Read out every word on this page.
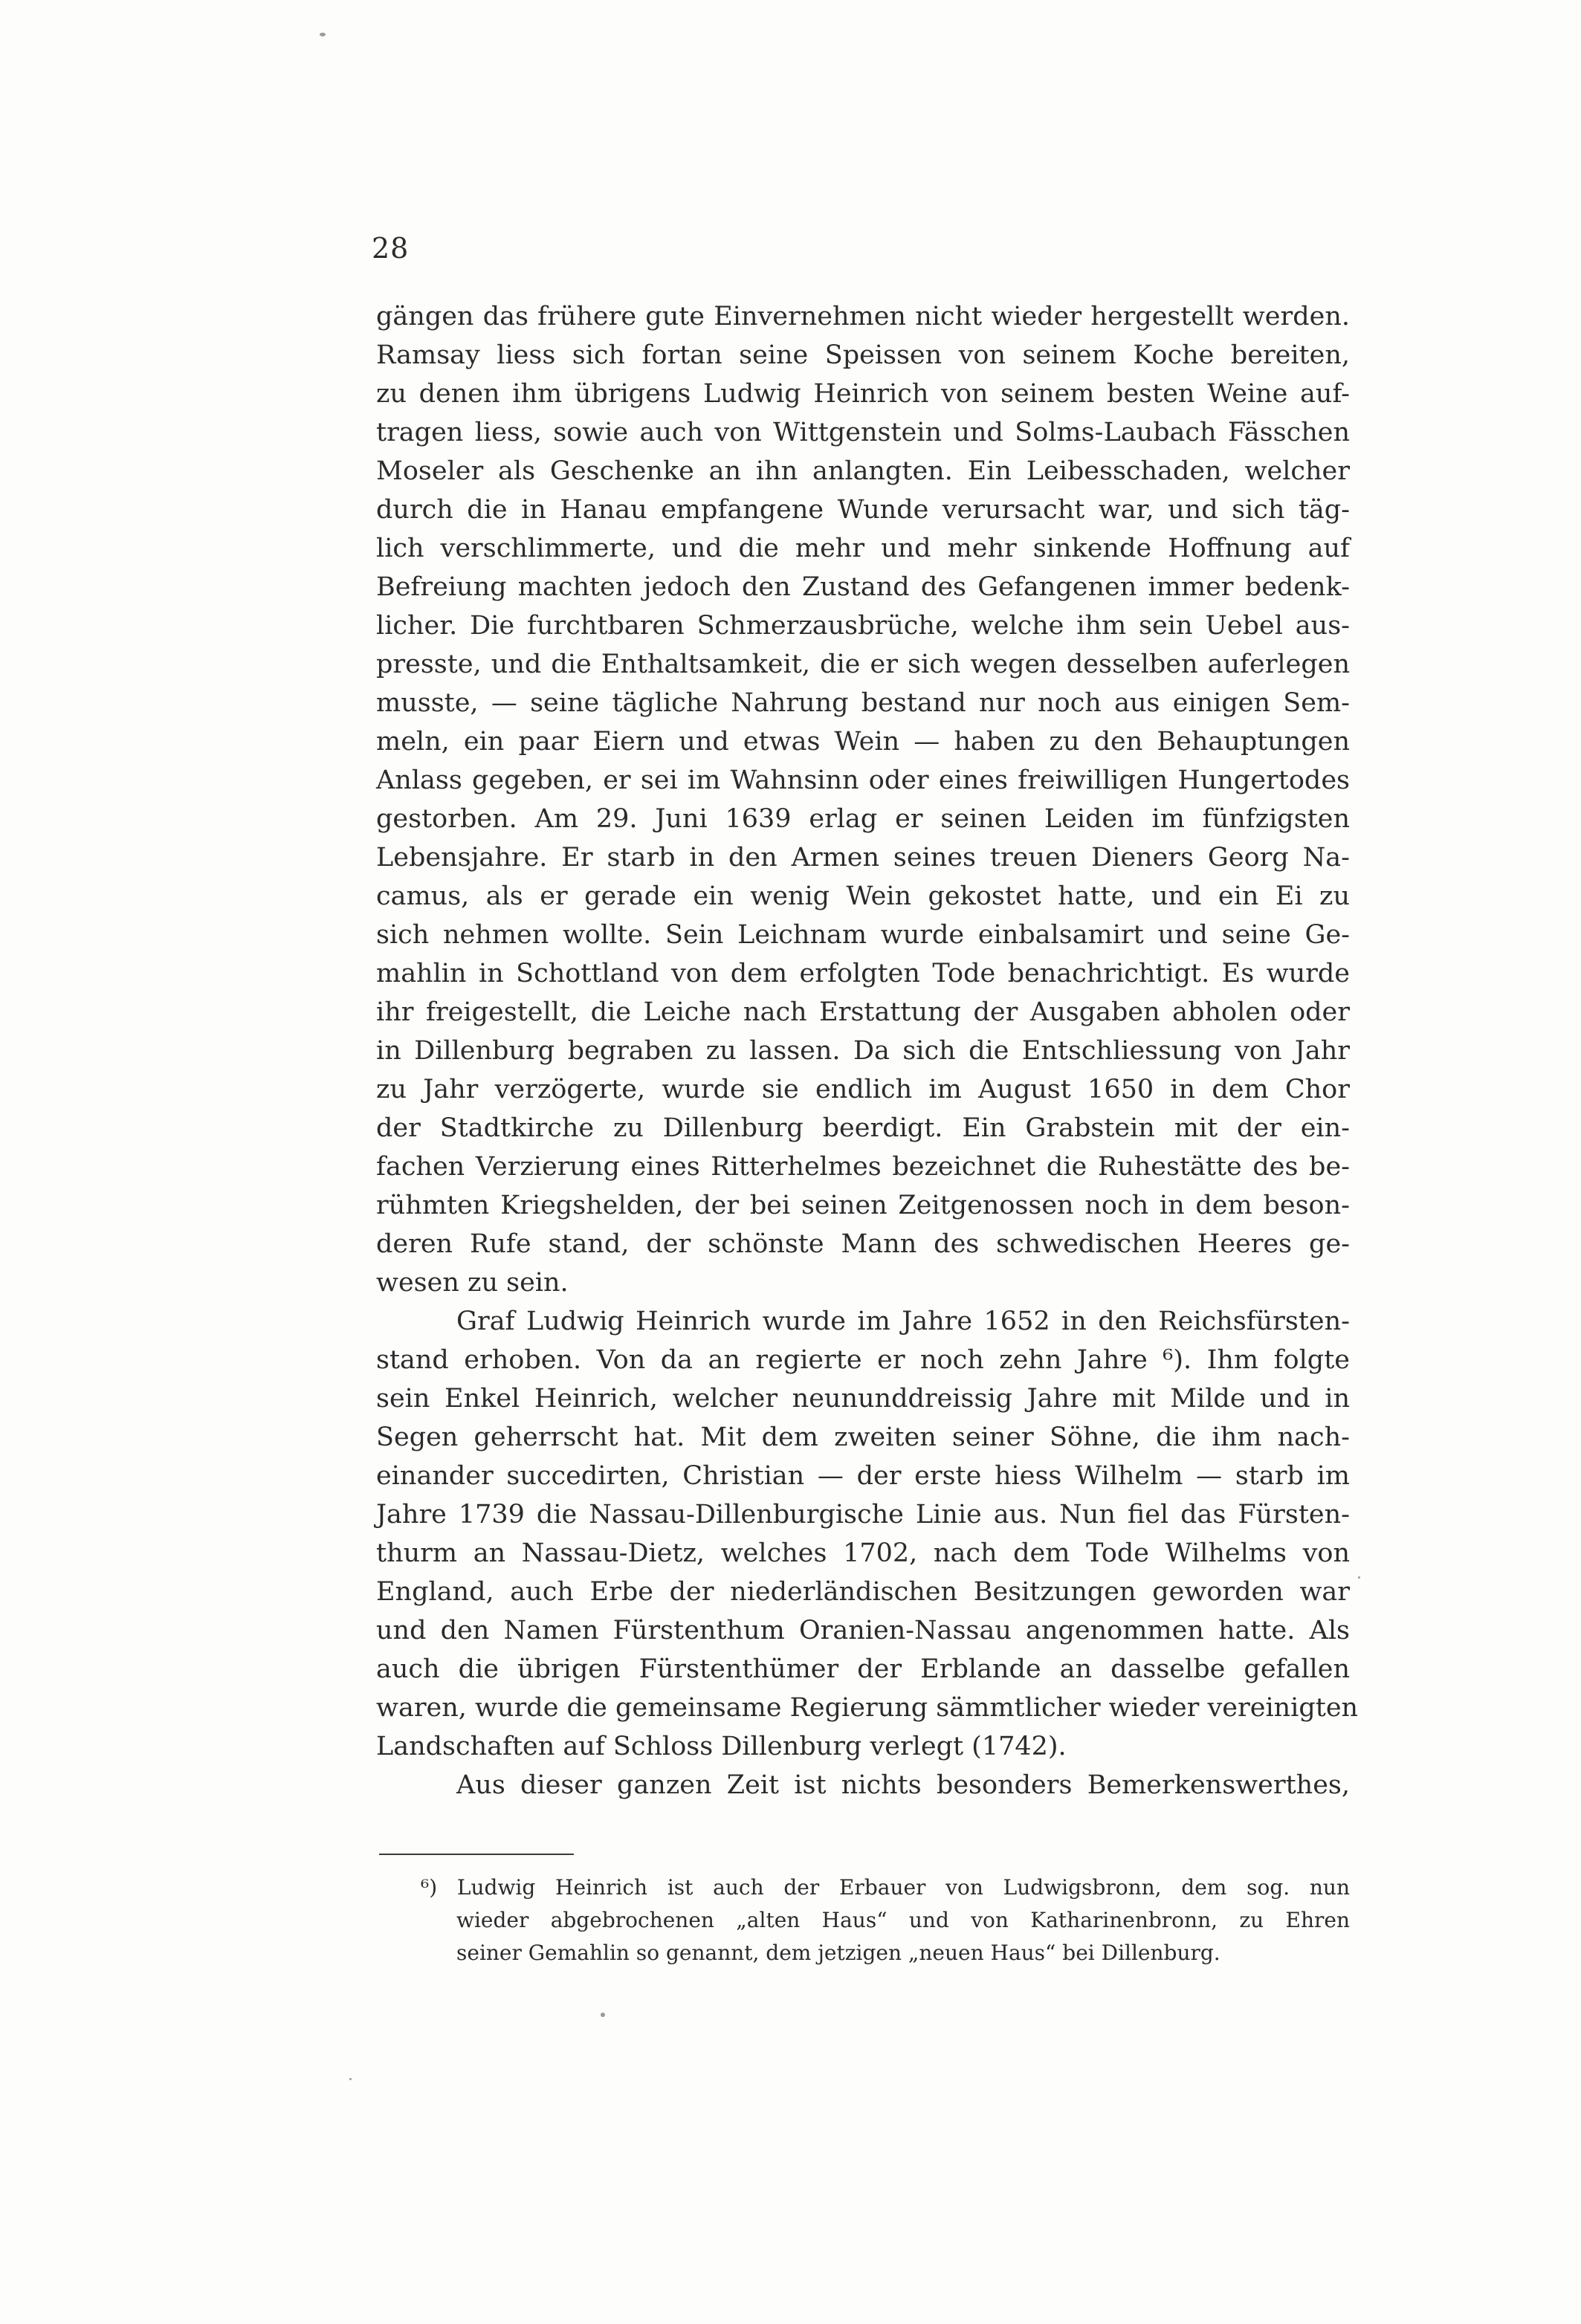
28
gängen das frühere gute Einvernehmen nicht wieder hergestellt werden.
Ramsay liess sich fortan seine Speissen von seinem Koche bereiten,
zu denen ihm übrigens Ludwig Heinrich von seinem besten Weine auf-
tragen liess, sowie auch von Wittgenstein und Solms-Laubach Fässchen
Moseler als Geschenke an ihn anlangten. Ein Leibesschaden, welcher
durch die in Hanau empfangene Wunde verursacht war, und sich täg-
lich verschlimmerte, und die mehr und mehr sinkende Hoffnung auf
Befreiung machten jedoch den Zustand des Gefangenen immer bedenk-
licher. Die furchtbaren Schmerzausbrüche, welche ihm sein Uebel aus-
presste, und die Enthaltsamkeit, die er sich wegen desselben auferlegen
musste, — seine tägliche Nahrung bestand nur noch aus einigen Sem-
meln, ein paar Eiern und etwas Wein — haben zu den Behauptungen
Anlass gegeben, er sei im Wahnsinn oder eines freiwilligen Hungertodes
gestorben. Am 29. Juni 1639 erlag er seinen Leiden im fünfzigsten
Lebensjahre. Er starb in den Armen seines treuen Dieners Georg Na-
camus, als er gerade ein wenig Wein gekostet hatte, und ein Ei zu
sich nehmen wollte. Sein Leichnam wurde einbalsamirt und seine Ge-
mahlin in Schottland von dem erfolgten Tode benachrichtigt. Es wurde
ihr freigestellt, die Leiche nach Erstattung der Ausgaben abholen oder
in Dillenburg begraben zu lassen. Da sich die Entschliessung von Jahr
zu Jahr verzögerte, wurde sie endlich im August 1650 in dem Chor
der Stadtkirche zu Dillenburg beerdigt. Ein Grabstein mit der ein-
fachen Verzierung eines Ritterhelmes bezeichnet die Ruhestätte des be-
rühmten Kriegshelden, der bei seinen Zeitgenossen noch in dem beson-
deren Rufe stand, der schönste Mann des schwedischen Heeres ge-
wesen zu sein.
Graf Ludwig Heinrich wurde im Jahre 1652 in den Reichsfürsten-
stand erhoben. Von da an regierte er noch zehn Jahre ⁶). Ihm folgte
sein Enkel Heinrich, welcher neununddreissig Jahre mit Milde und in
Segen geherrscht hat. Mit dem zweiten seiner Söhne, die ihm nach-
einander succedirten, Christian — der erste hiess Wilhelm — starb im
Jahre 1739 die Nassau-Dillenburgische Linie aus. Nun fiel das Fürsten-
thurm an Nassau-Dietz, welches 1702, nach dem Tode Wilhelms von
England, auch Erbe der niederländischen Besitzungen geworden war
und den Namen Fürstenthum Oranien-Nassau angenommen hatte. Als
auch die übrigen Fürstenthümer der Erblande an dasselbe gefallen
waren, wurde die gemeinsame Regierung sämmtlicher wieder vereinigten
Landschaften auf Schloss Dillenburg verlegt (1742).
Aus dieser ganzen Zeit ist nichts besonders Bemerkenswerthes,
⁶) Ludwig Heinrich ist auch der Erbauer von Ludwigsbronn, dem sog. nun
wieder abgebrochenen „alten Haus“ und von Katharinenbronn, zu Ehren
seiner Gemahlin so genannt, dem jetzigen „neuen Haus“ bei Dillenburg.
